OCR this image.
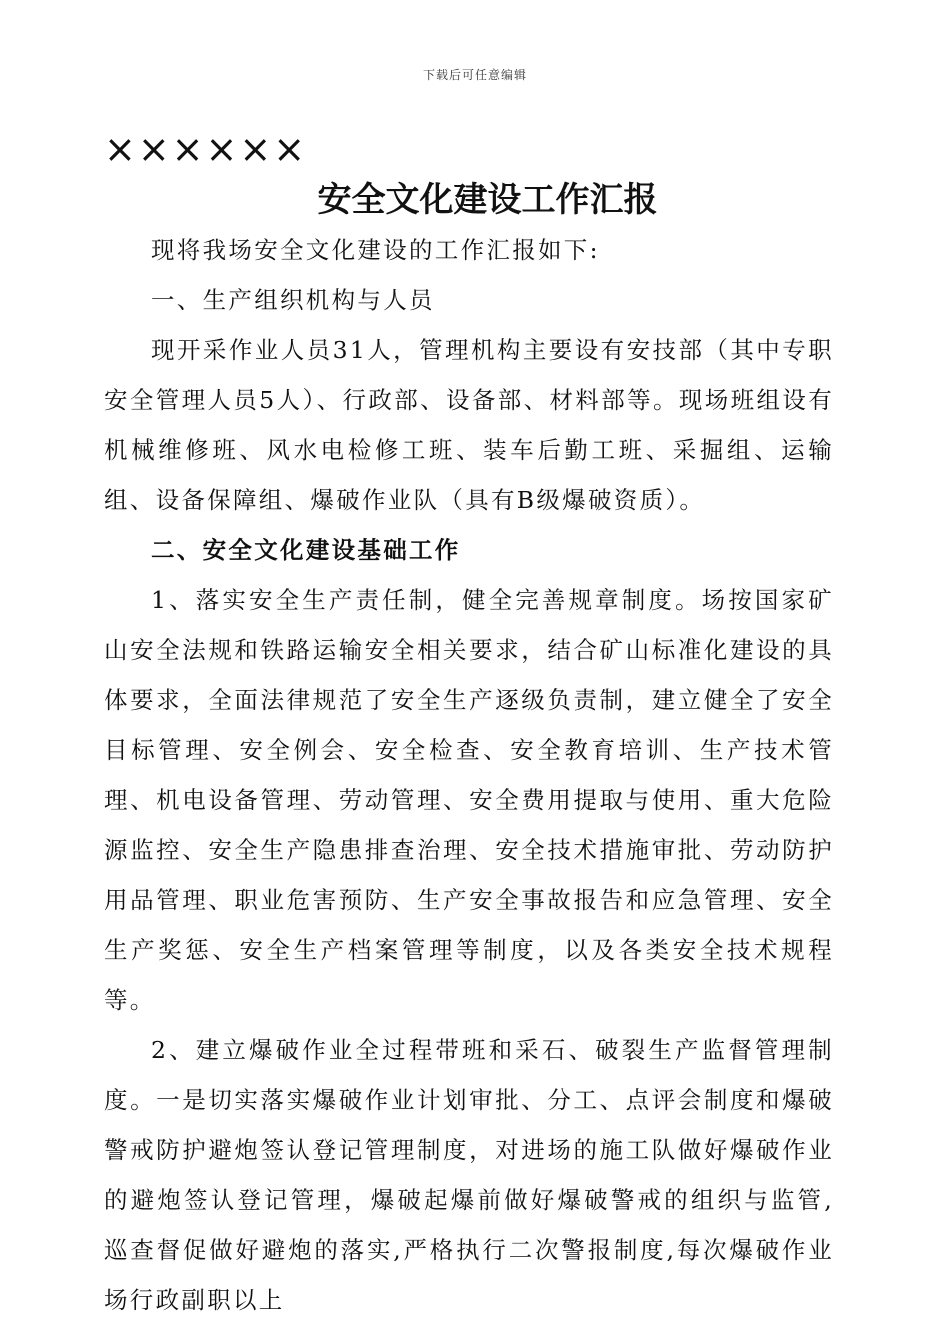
下载后可任意编辑
××××××
安全文化建设工作汇报

现将我场安全文化建设的工作汇报如下:

一、生产组织机构与人员

现开采作业人员31人，管理机构主要设有安技部（其中专职安全管理人员5人）、行政部、设备部、材料部等。现场班组设有机械维修班、风水电检修工班、装车后勤工班、采掘组、运输组、设备保障组、爆破作业队（具有B级爆破资质）。

二、安全文化建设基础工作

1、落实安全生产责任制，健全完善规章制度。场按国家矿山安全法规和铁路运输安全相关要求，结合矿山标准化建设的具体要求，全面法律规范了安全生产逐级负责制，建立健全了安全目标管理、安全例会、安全检查、安全教育培训、生产技术管理、机电设备管理、劳动管理、安全费用提取与使用、重大危险源监控、安全生产隐患排查治理、安全技术措施审批、劳动防护用品管理、职业危害预防、生产安全事故报告和应急管理、安全生产奖惩、安全生产档案管理等制度，以及各类安全技术规程等。

2、建立爆破作业全过程带班和采石、破裂生产监督管理制度。一是切实落实爆破作业计划审批、分工、点评会制度和爆破警戒防护避炮签认登记管理制度，对进场的施工队做好爆破作业的避炮签认登记管理，爆破起爆前做好爆破警戒的组织与监管,巡查督促做好避炮的落实,严格执行二次警报制度,每次爆破作业场行政副职以上
